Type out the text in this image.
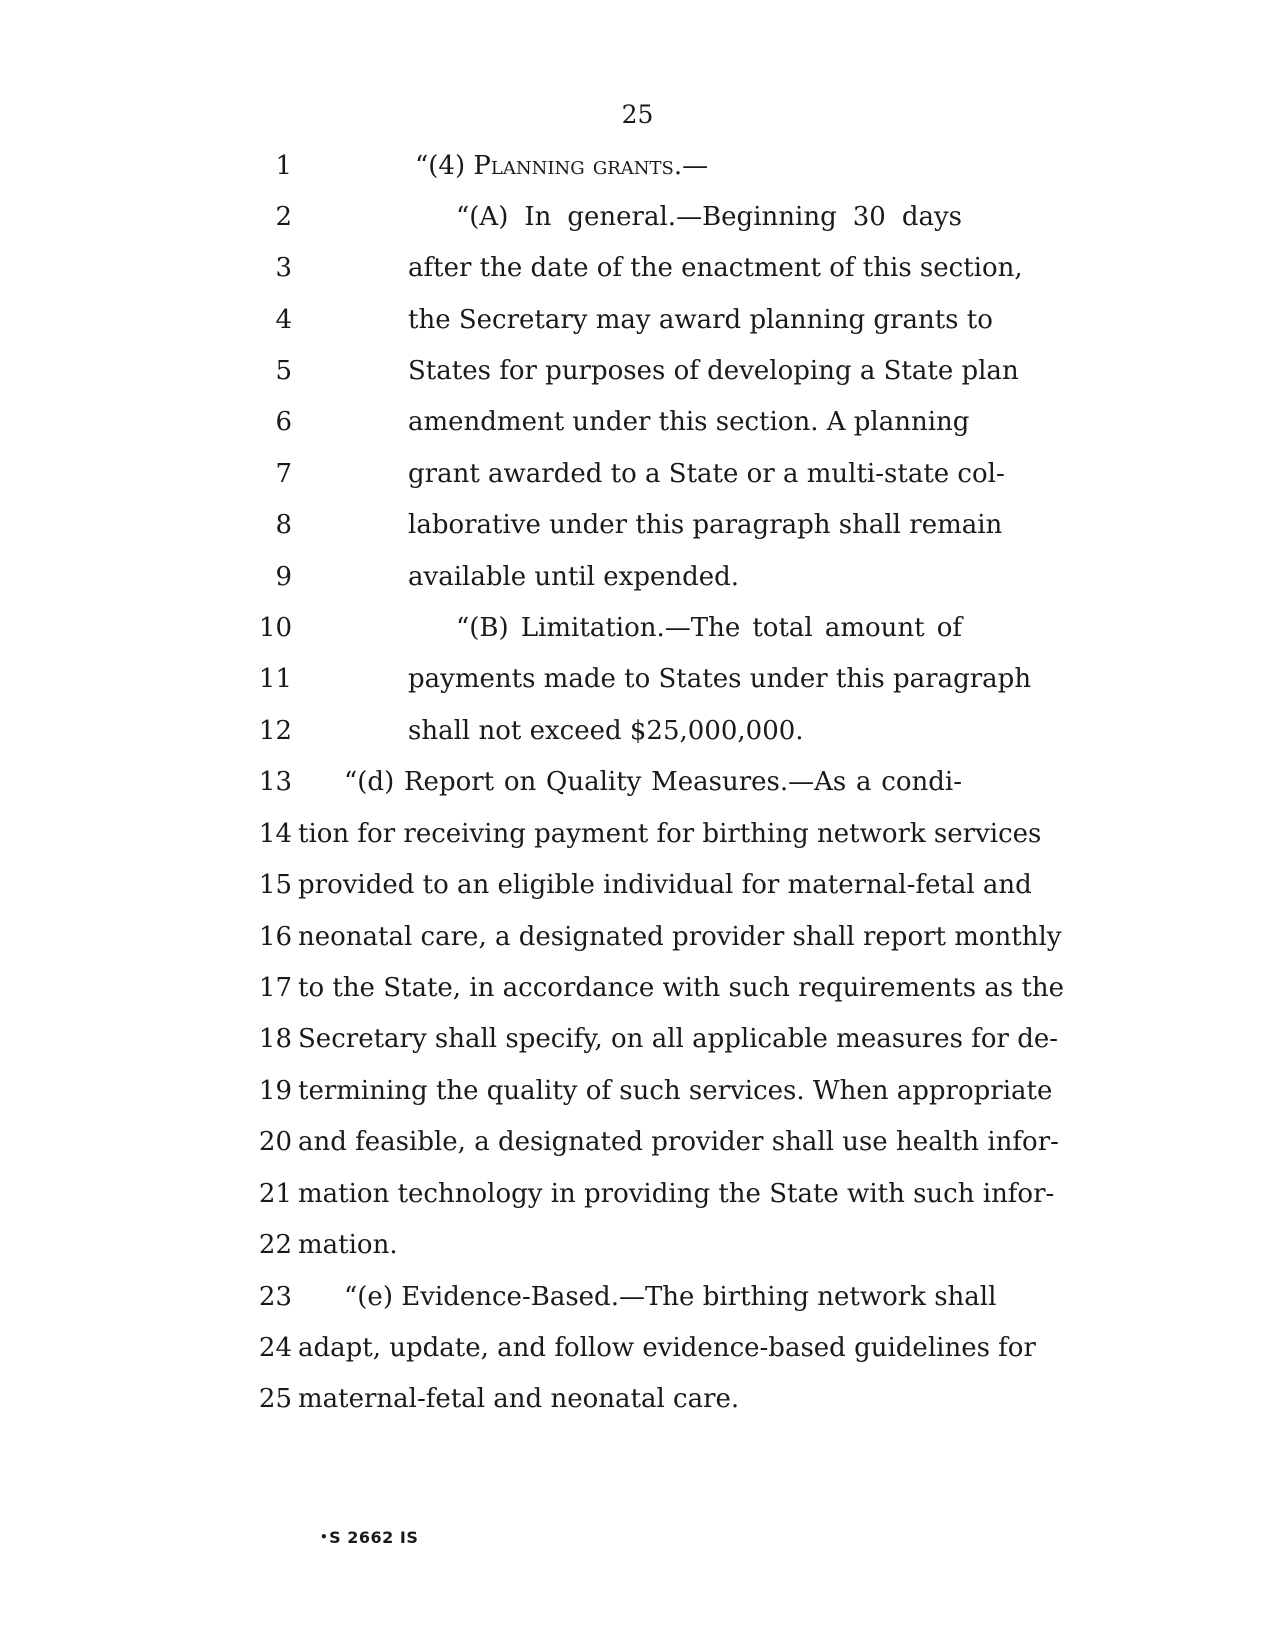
25
1	“(4) Planning grants.—
2	“(A) In general.—Beginning 30 days
3	after the date of the enactment of this section,
4	the Secretary may award planning grants to
5	States for purposes of developing a State plan
6	amendment under this section. A planning
7	grant awarded to a State or a multi-state col-
8	laborative under this paragraph shall remain
9	available until expended.
10	“(B) Limitation.—The total amount of
11	payments made to States under this paragraph
12	shall not exceed $25,000,000.
13 “(d) Report on Quality Measures.—As a condi-
14 tion for receiving payment for birthing network services
15 provided to an eligible individual for maternal-fetal and
16 neonatal care, a designated provider shall report monthly
17 to the State, in accordance with such requirements as the
18 Secretary shall specify, on all applicable measures for de-
19 termining the quality of such services. When appropriate
20 and feasible, a designated provider shall use health infor-
21 mation technology in providing the State with such infor-
22 mation.
23 “(e) Evidence-Based.—The birthing network shall
24 adapt, update, and follow evidence-based guidelines for
25 maternal-fetal and neonatal care.
•S 2662 IS
